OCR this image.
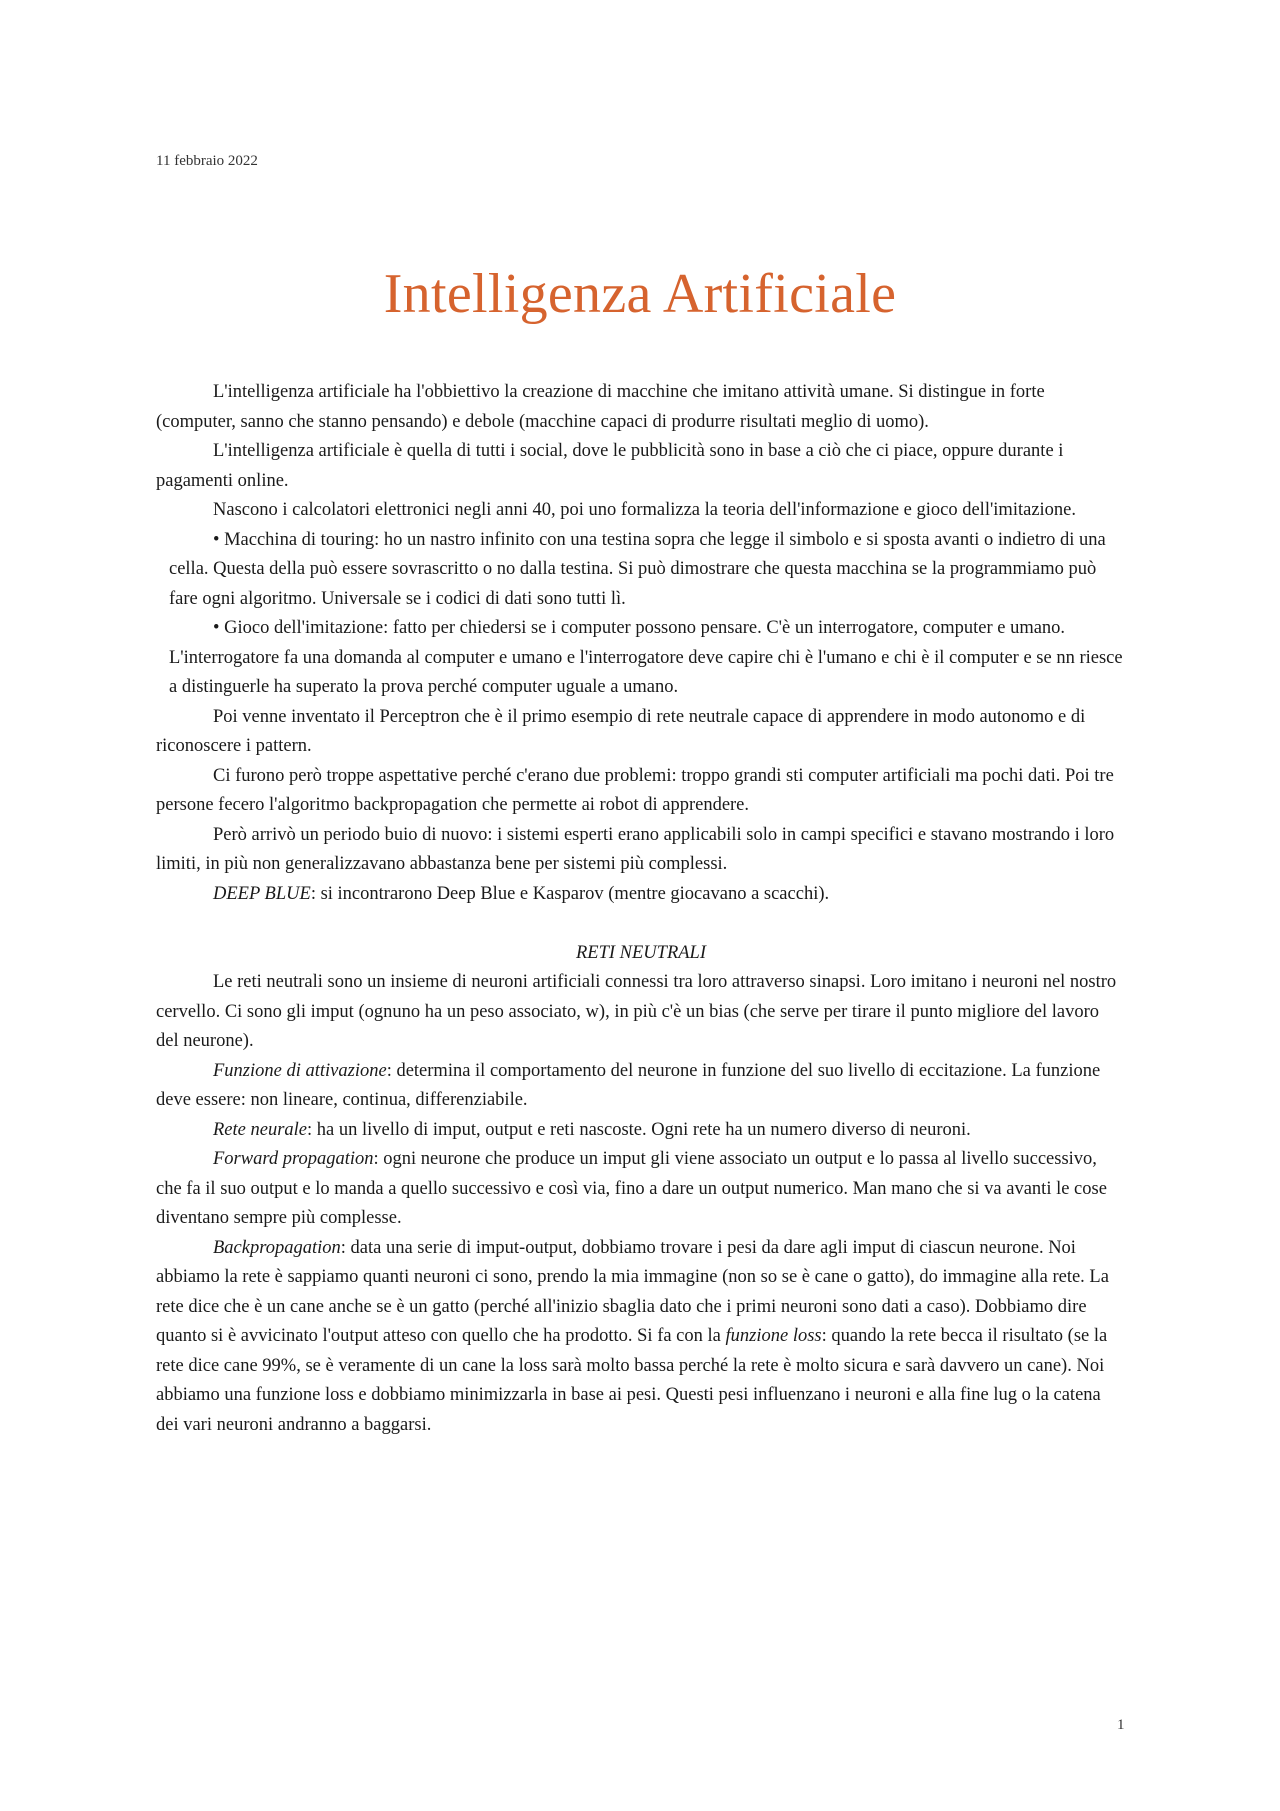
11 febbraio 2022
Intelligenza Artificiale

L'intelligenza artificiale ha l'obbiettivo la creazione di macchine che imitano attività umane. Si distingue in forte (computer, sanno che stanno pensando) e debole (macchine capaci di produrre risultati meglio di uomo).

L'intelligenza artificiale è quella di tutti i social, dove le pubblicità sono in base a ciò che ci piace, oppure durante i pagamenti online.

Nascono i calcolatori elettronici negli anni 40, poi uno formalizza la teoria dell'informazione e gioco dell'imitazione.

• Macchina di touring: ho un nastro infinito con una testina sopra che legge il simbolo e si sposta avanti o indietro di una cella. Questa della può essere sovrascritto o no dalla testina. Si può dimostrare che questa macchina se la programmiamo può fare ogni algoritmo. Universale se i codici di dati sono tutti lì.

• Gioco dell'imitazione: fatto per chiedersi se i computer possono pensare. C'è un interrogatore, computer e umano. L'interrogatore fa una domanda al computer e umano e l'interrogatore deve capire chi è l'umano e chi è il computer e se nn riesce a distinguerle ha superato la prova perché computer uguale a umano.

Poi venne inventato il Perceptron che è il primo esempio di rete neutrale capace di apprendere in modo autonomo e di riconoscere i pattern.

Ci furono però troppe aspettative perché c'erano due problemi: troppo grandi sti computer artificiali ma pochi dati. Poi tre persone fecero l'algoritmo backpropagation che permette ai robot di apprendere.

Però arrivò un periodo buio di nuovo: i sistemi esperti erano applicabili solo in campi specifici e stavano mostrando i loro limiti, in più non generalizzavano abbastanza bene per sistemi più complessi.

DEEP BLUE: si incontrarono Deep Blue e Kasparov (mentre giocavano a scacchi).

RETI NEUTRALI

Le reti neutrali sono un insieme di neuroni artificiali connessi tra loro attraverso sinapsi. Loro imitano i neuroni nel nostro cervello. Ci sono gli imput (ognuno ha un peso associato, w), in più c'è un bias (che serve per tirare il punto migliore del lavoro del neurone).

Funzione di attivazione: determina il comportamento del neurone in funzione del suo livello di eccitazione. La funzione deve essere: non lineare, continua, differenziabile.

Rete neurale: ha un livello di imput, output e reti nascoste. Ogni rete ha un numero diverso di neuroni.

Forward propagation: ogni neurone che produce un imput gli viene associato un output e lo passa al livello successivo, che fa il suo output e lo manda a quello successivo e così via, fino a dare un output numerico. Man mano che si va avanti le cose diventano sempre più complesse.

Backpropagation: data una serie di imput-output, dobbiamo trovare i pesi da dare agli imput di ciascun neurone. Noi abbiamo la rete è sappiamo quanti neuroni ci sono, prendo la mia immagine (non so se è cane o gatto), do immagine alla rete. La rete dice che è un cane anche se è un gatto (perché all'inizio sbaglia dato che i primi neuroni sono dati a caso). Dobbiamo dire quanto si è avvicinato l'output atteso con quello che ha prodotto. Si fa con la funzione loss: quando la rete becca il risultato (se la rete dice cane 99%, se è veramente di un cane la loss sarà molto bassa perché la rete è molto sicura e sarà davvero un cane). Noi abbiamo una funzione loss e dobbiamo minimizzarla in base ai pesi. Questi pesi influenzano i neuroni e alla fine lug o la catena dei vari neuroni andranno a baggarsi.

1
